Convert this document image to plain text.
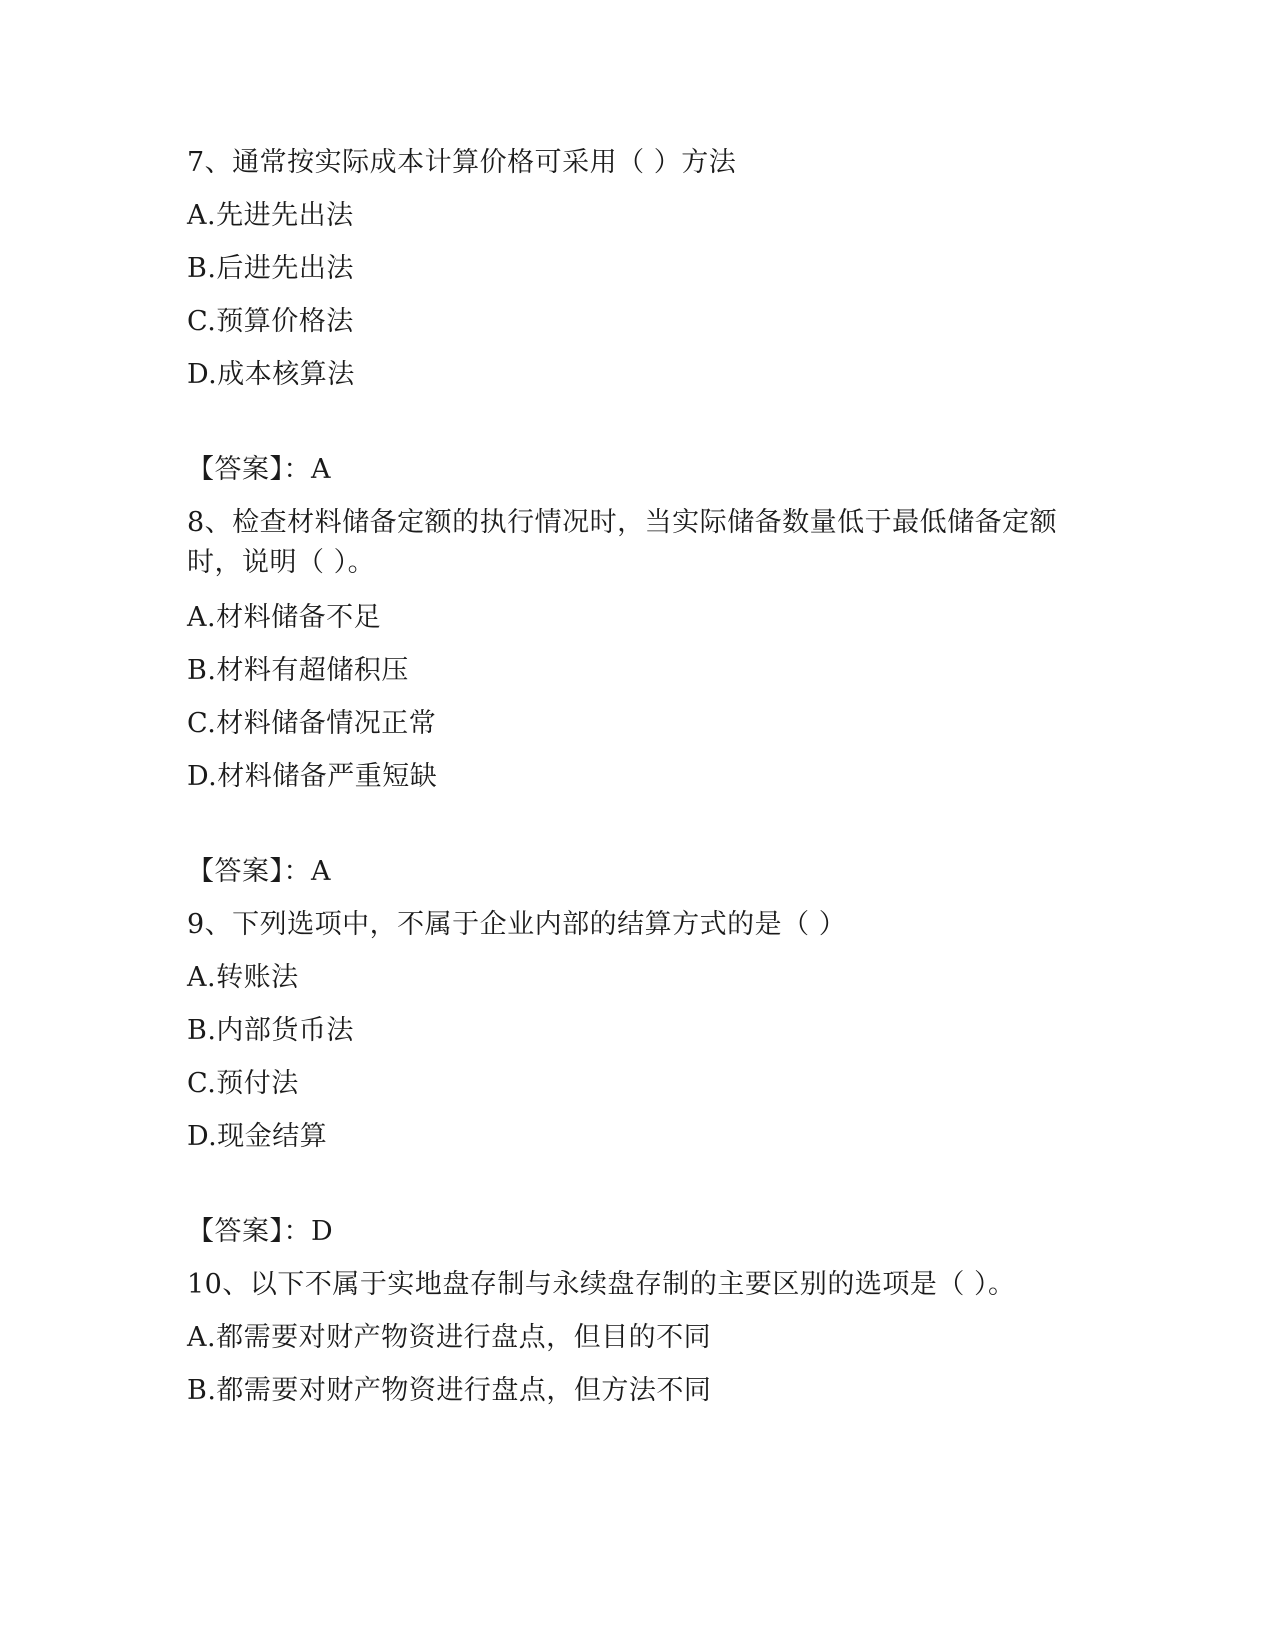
7、通常按实际成本计算价格可采用（ ）方法
A.先进先出法
B.后进先出法
C.预算价格法
D.成本核算法
【答案】：A
8、检查材料储备定额的执行情况时，当实际储备数量低于最低储备定额时，说明（ ）。
A.材料储备不足
B.材料有超储积压
C.材料储备情况正常
D.材料储备严重短缺
【答案】：A
9、下列选项中，不属于企业内部的结算方式的是（ ）
A.转账法
B.内部货币法
C.预付法
D.现金结算
【答案】：D
10、以下不属于实地盘存制与永续盘存制的主要区别的选项是（ ）。
A.都需要对财产物资进行盘点，但目的不同
B.都需要对财产物资进行盘点，但方法不同
